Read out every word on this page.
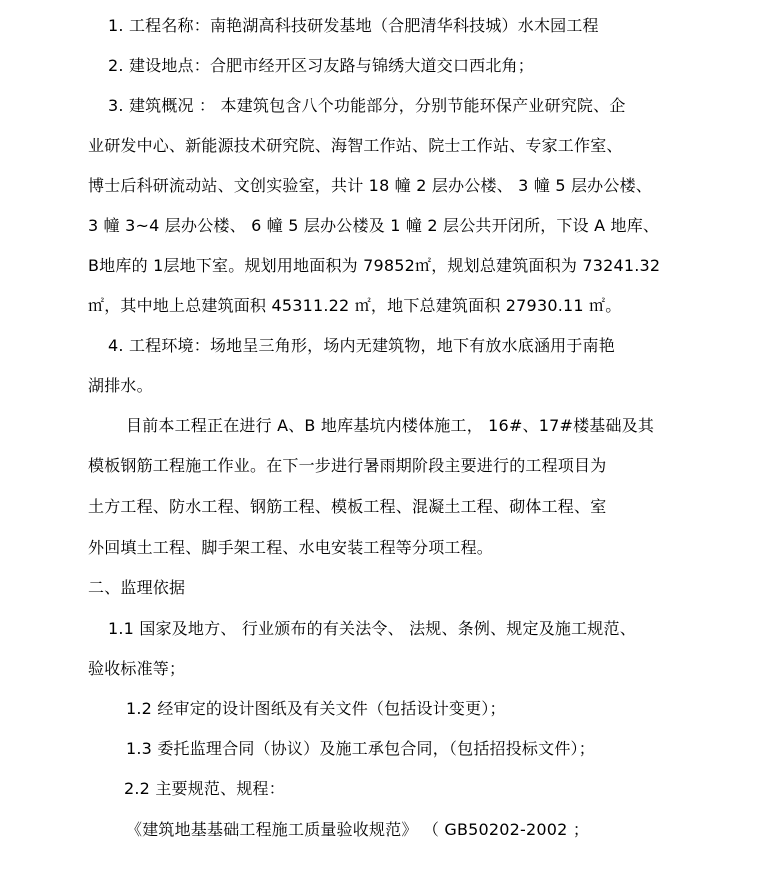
1. 工程名称：南艳湖高科技研发基地（合肥清华科技城）水木园工程
2. 建设地点：合肥市经开区习友路与锦绣大道交口西北角；
3. 建筑概况 ： 本建筑包含八个功能部分，分别节能环保产业研究院、企
业研发中心、新能源技术研究院、海智工作站、院士工作站、专家工作室、
博士后科研流动站、文创实验室，共计 18 幢 2 层办公楼、 3 幢 5 层办公楼、
3 幢 3~4 层办公楼、 6 幢 5 层办公楼及 1 幢 2 层公共开闭所，下设 A 地库、
B地库的 1层地下室。规划用地面积为 79852㎡，规划总建筑面积为 73241.32
㎡，其中地上总建筑面积 45311.22 ㎡，地下总建筑面积 27930.11 ㎡。
4. 工程环境：场地呈三角形，场内无建筑物，地下有放水底涵用于南艳
湖排水。
目前本工程正在进行 A、B 地库基坑内楼体施工， 16#、17#楼基础及其
模板钢筋工程施工作业。在下一步进行暑雨期阶段主要进行的工程项目为
土方工程、防水工程、钢筋工程、模板工程、混凝土工程、砌体工程、室
外回填土工程、脚手架工程、水电安装工程等分项工程。
二、监理依据
1.1 国家及地方、 行业颁布的有关法令、 法规、条例、规定及施工规范、
验收标准等；
1.2 经审定的设计图纸及有关文件（包括设计变更）；
1.3 委托监理合同（协议）及施工承包合同，（包括招投标文件）；
2.2 主要规范、规程：
《建筑地基基础工程施工质量验收规范》 （ GB50202-2002 ；
